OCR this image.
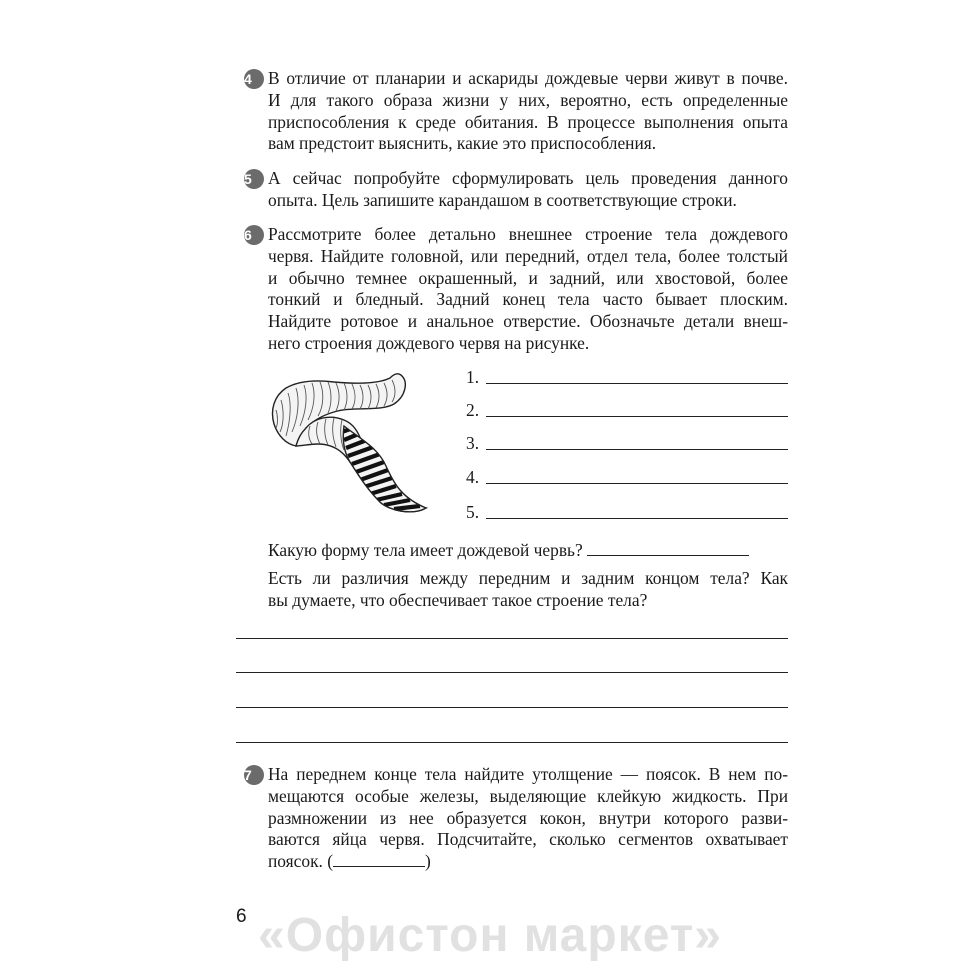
4 В отличие от планарии и аскариды дождевые черви живут в почве.
И для такого образа жизни у них, вероятно, есть определенные
приспособления к среде обитания. В процессе выполнения опыта
вам предстоит выяснить, какие это приспособления.
5 А сейчас попробуйте сформулировать цель проведения данного
опыта. Цель запишите карандашом в соответствующие строки.
6 Рассмотрите более детально внешнее строение тела дождевого
червя. Найдите головной, или передний, отдел тела, более толстый
и обычно темнее окрашенный, и задний, или хвостовой, более
тонкий и бледный. Задний конец тела часто бывает плоским.
Найдите ротовое и анальное отверстие. Обозначьте детали внеш-
него строения дождевого червя на рисунке.
1.
2.
3.
4.
5.
Какую форму тела имеет дождевой червь?
Есть ли различия между передним и задним концом тела? Как
вы думаете, что обеспечивает такое строение тела?
7 На переднем конце тела найдите утолщение — поясок. В нем по-
мещаются особые железы, выделяющие клейкую жидкость. При
размножении из нее образуется кокон, внутри которого разви-
ваются яйца червя. Подсчитайте, сколько сегментов охватывает
поясок. (	)
6 «Офистон маркет»
